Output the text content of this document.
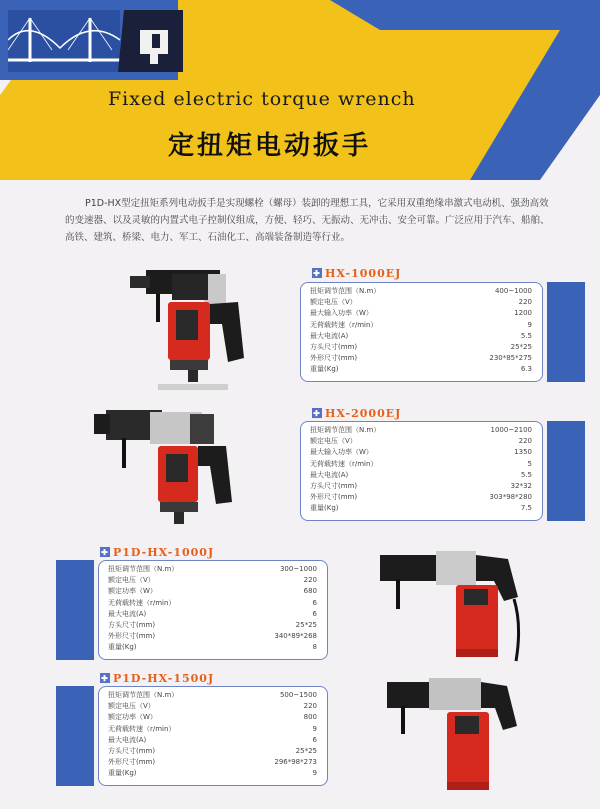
Fixed electric torque wrench
定扭矩电动扳手
P1D-HX型定扭矩系列电动扳手是实现螺栓（螺母）装卸的理想工具，它采用双重绝缘串激式电动机、强劲高效的变速器、以及灵敏的内置式电子控制仪组成，方便、轻巧、无振动、无冲击、安全可靠。广泛应用于汽车、船舶、高铁、建筑、桥梁、电力、军工、石油化工、高端装备制造等行业。
✚ HX-1000EJ
扭矩调节范围（N.m）	400~1000
额定电压（V）	220
最大输入功率（W）	1200
无荷载转速（r/min）	9
最大电流(A)	5.5
方头尺寸(mm)	25*25
外形尺寸(mm)	230*85*275
重量(Kg)	6.3
✚ HX-2000EJ
扭矩调节范围（N.m）	1000~2100
额定电压（V）	220
最大输入功率（W）	1350
无荷载转速（r/min）	5
最大电流(A)	5.5
方头尺寸(mm)	32*32
外形尺寸(mm)	303*98*280
重量(Kg)	7.5
✚ P1D-HX-1000J
扭矩调节范围（N.m）	300~1000
额定电压（V）	220
额定功率（W）	680
无荷载转速（r/min）	6
最大电流(A)	6
方头尺寸(mm)	25*25
外形尺寸(mm)	340*89*268
重量(Kg)	8
✚ P1D-HX-1500J
扭矩调节范围（N.m）	500~1500
额定电压（V）	220
额定功率（W）	800
无荷载转速（r/min）	9
最大电流(A)	6
方头尺寸(mm)	25*25
外形尺寸(mm)	296*98*273
重量(Kg)	9
